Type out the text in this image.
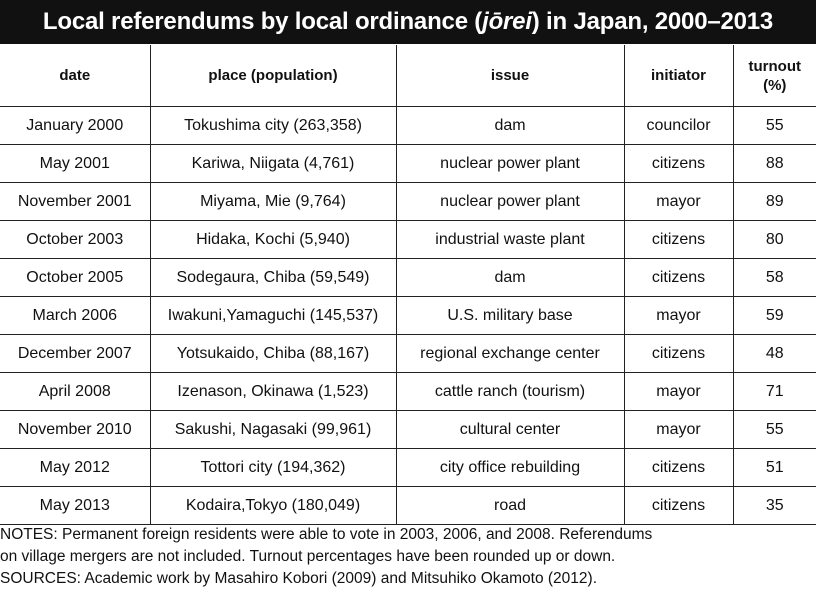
Local referendums by local ordinance (jōrei) in Japan, 2000–2013
date	place (population)	issue	initiator	turnout
(%)
January 2000	Tokushima city (263,358)	dam	councilor	55
May 2001	Kariwa, Niigata (4,761)	nuclear power plant	citizens	88
November 2001	Miyama, Mie (9,764)	nuclear power plant	mayor	89
October 2003	Hidaka, Kochi (5,940)	industrial waste plant	citizens	80
October 2005	Sodegaura, Chiba (59,549)	dam	citizens	58
March 2006	Iwakuni,Yamaguchi (145,537)	U.S. military base	mayor	59
December 2007	Yotsukaido, Chiba (88,167)	regional exchange center	citizens	48
April 2008	Izenason, Okinawa (1,523)	cattle ranch (tourism)	mayor	71
November 2010	Sakushi, Nagasaki (99,961)	cultural center	mayor	55
May 2012	Tottori city (194,362)	city office rebuilding	citizens	51
May 2013	Kodaira,Tokyo (180,049)	road	citizens	35
NOTES: Permanent foreign residents were able to vote in 2003, 2006, and 2008. Referendums
on village mergers are not included. Turnout percentages have been rounded up or down.
SOURCES: Academic work by Masahiro Kobori (2009) and Mitsuhiko Okamoto (2012).
